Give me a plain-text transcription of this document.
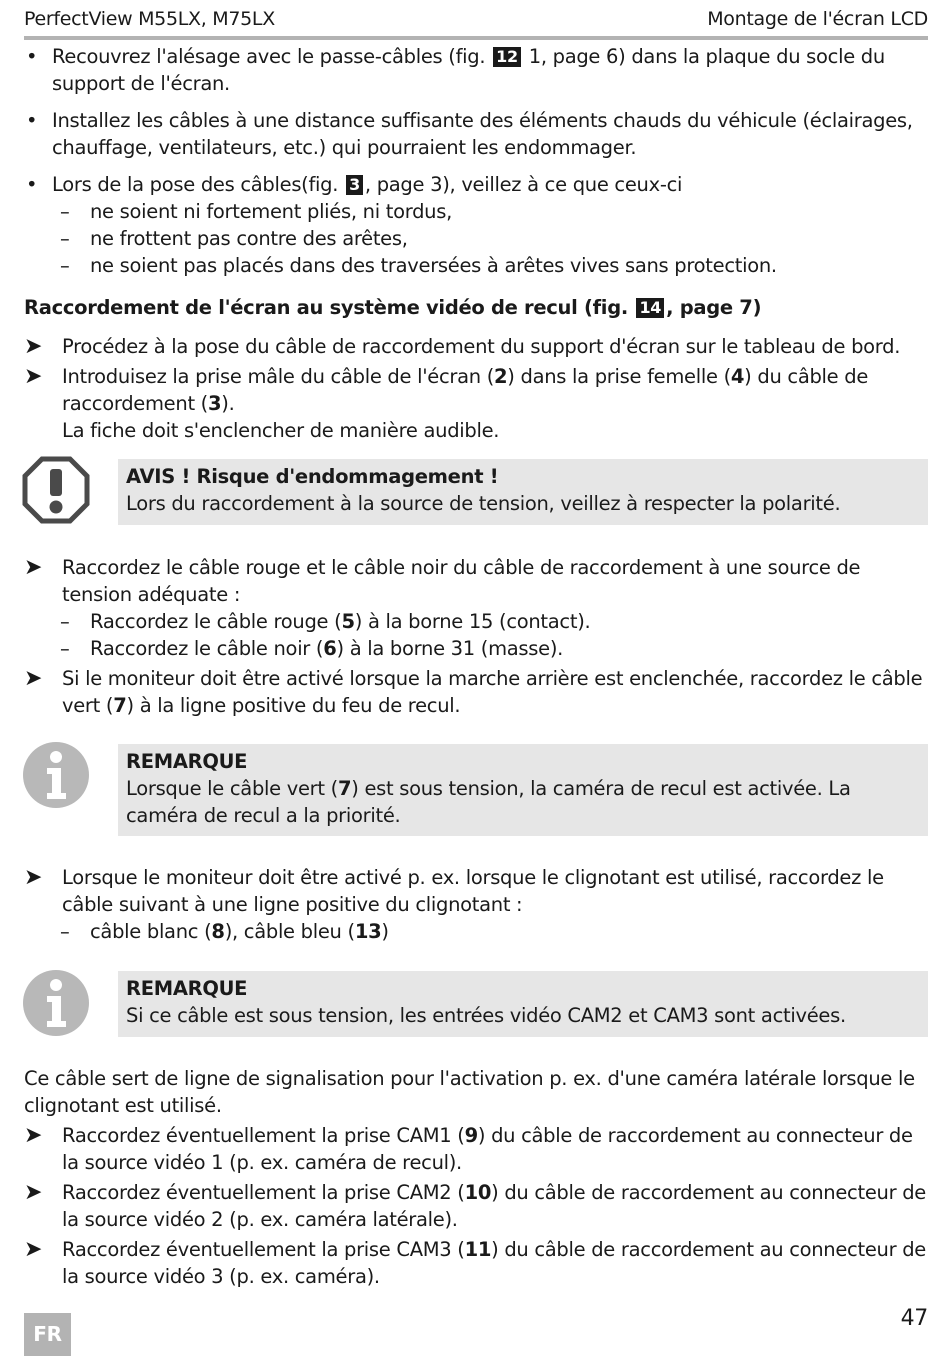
PerfectView M55LX, M75LX	Montage de l'écran LCD
• Recouvrez l'alésage avec le passe-câbles (fig. 12 1, page 6) dans la plaque du socle du support de l'écran.
• Installez les câbles à une distance suffisante des éléments chauds du véhicule (éclairages, chauffage, ventilateurs, etc.) qui pourraient les endommager.
• Lors de la pose des câbles(fig. 3 , page 3), veillez à ce que ceux-ci
– ne soient ni fortement pliés, ni tordus,
– ne frottent pas contre des arêtes,
– ne soient pas placés dans des traversées à arêtes vives sans protection.
Raccordement de l'écran au système vidéo de recul (fig. 14 , page 7)
➤ Procédez à la pose du câble de raccordement du support d'écran sur le tableau de bord.
➤ Introduisez la prise mâle du câble de l'écran (2) dans la prise femelle (4) du câble de raccordement (3).
La fiche doit s'enclencher de manière audible.
AVIS ! Risque d'endommagement !
Lors du raccordement à la source de tension, veillez à respecter la polarité.
➤ Raccordez le câble rouge et le câble noir du câble de raccordement à une source de tension adéquate :
– Raccordez le câble rouge (5) à la borne 15 (contact).
– Raccordez le câble noir (6) à la borne 31 (masse).
➤ Si le moniteur doit être activé lorsque la marche arrière est enclenchée, raccordez le câble vert (7) à la ligne positive du feu de recul.
REMARQUE
Lorsque le câble vert (7) est sous tension, la caméra de recul est activée. La caméra de recul a la priorité.
➤ Lorsque le moniteur doit être activé p. ex. lorsque le clignotant est utilisé, raccordez le câble suivant à une ligne positive du clignotant :
– câble blanc (8), câble bleu (13)
REMARQUE
Si ce câble est sous tension, les entrées vidéo CAM2 et CAM3 sont activées.
Ce câble sert de ligne de signalisation pour l'activation p. ex. d'une caméra latérale lorsque le clignotant est utilisé.
➤ Raccordez éventuellement la prise CAM1 (9) du câble de raccordement au connecteur de la source vidéo 1 (p. ex. caméra de recul).
➤ Raccordez éventuellement la prise CAM2 (10) du câble de raccordement au connecteur de la source vidéo 2 (p. ex. caméra latérale).
➤ Raccordez éventuellement la prise CAM3 (11) du câble de raccordement au connecteur de la source vidéo 3 (p. ex. caméra).
FR
47
